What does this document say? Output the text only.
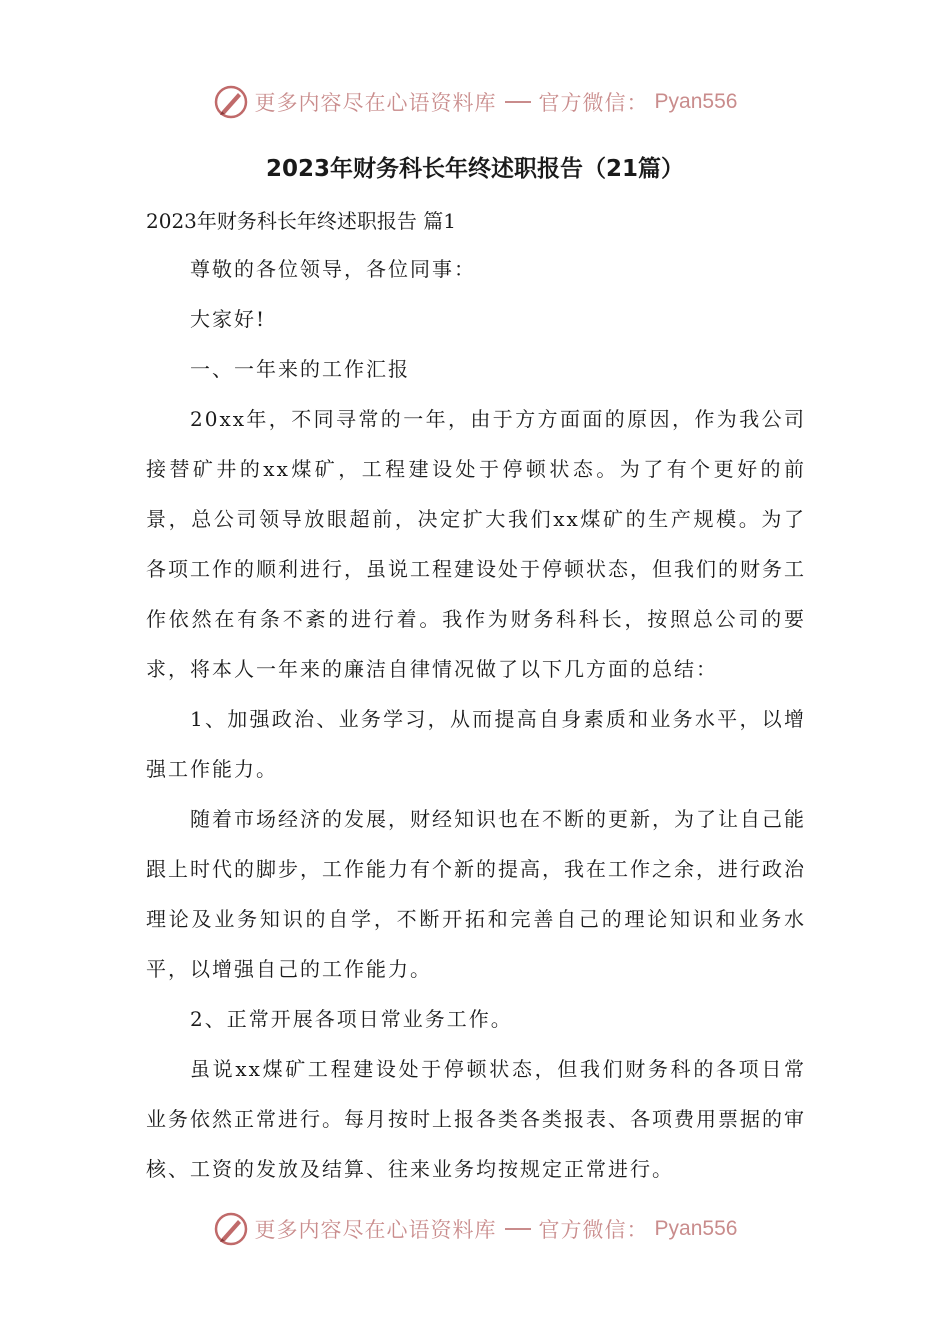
更多内容尽在心语资料库 官方微信： Pyan556
2023年财务科长年终述职报告（21篇）

2023年财务科长年终述职报告 篇1

尊敬的各位领导，各位同事：

大家好!

一、一年来的工作汇报

20xx年，不同寻常的一年，由于方方面面的原因，作为我公司接替矿井的xx煤矿，工程建设处于停顿状态。为了有个更好的前景，总公司领导放眼超前，决定扩大我们xx煤矿的生产规模。为了各项工作的顺利进行，虽说工程建设处于停顿状态，但我们的财务工作依然在有条不紊的进行着。我作为财务科科长，按照总公司的要求，将本人一年来的廉洁自律情况做了以下几方面的总结：

1、加强政治、业务学习，从而提高自身素质和业务水平，以增强工作能力。

随着市场经济的发展，财经知识也在不断的更新，为了让自己能跟上时代的脚步，工作能力有个新的提高，我在工作之余，进行政治理论及业务知识的自学，不断开拓和完善自己的理论知识和业务水平，以增强自己的工作能力。

2、正常开展各项日常业务工作。

虽说xx煤矿工程建设处于停顿状态，但我们财务科的各项日常业务依然正常进行。每月按时上报各类各类报表、各项费用票据的审核、工资的发放及结算、往来业务均按规定正常进行。

更多内容尽在心语资料库 官方微信： Pyan556
